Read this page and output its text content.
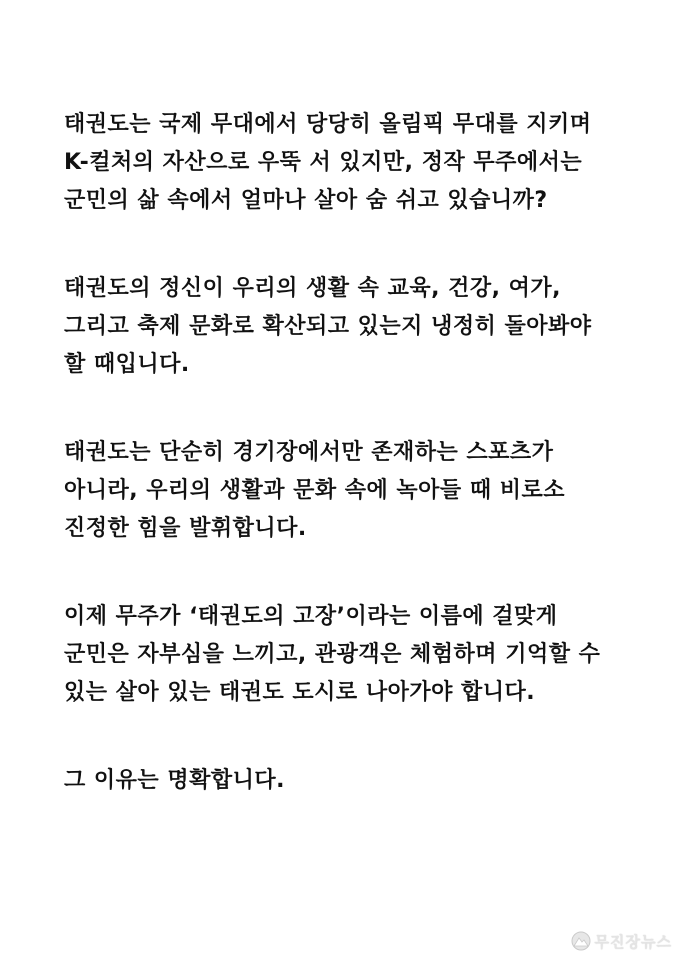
태권도는 국제 무대에서 당당히 올림픽 무대를 지키며
K-컬처의 자산으로 우뚝 서 있지만, 정작 무주에서는
군민의 삶 속에서 얼마나 살아 숨 쉬고 있습니까?

태권도의 정신이 우리의 생활 속 교육, 건강, 여가,
그리고 축제 문화로 확산되고 있는지 냉정히 돌아봐야
할 때입니다.

태권도는 단순히 경기장에서만 존재하는 스포츠가
아니라, 우리의 생활과 문화 속에 녹아들 때 비로소
진정한 힘을 발휘합니다.

이제 무주가 ‘태권도의 고장’이라는 이름에 걸맞게
군민은 자부심을 느끼고, 관광객은 체험하며 기억할 수
있는 살아 있는 태권도 도시로 나아가야 합니다.

그 이유는 명확합니다.

무진장뉴스
